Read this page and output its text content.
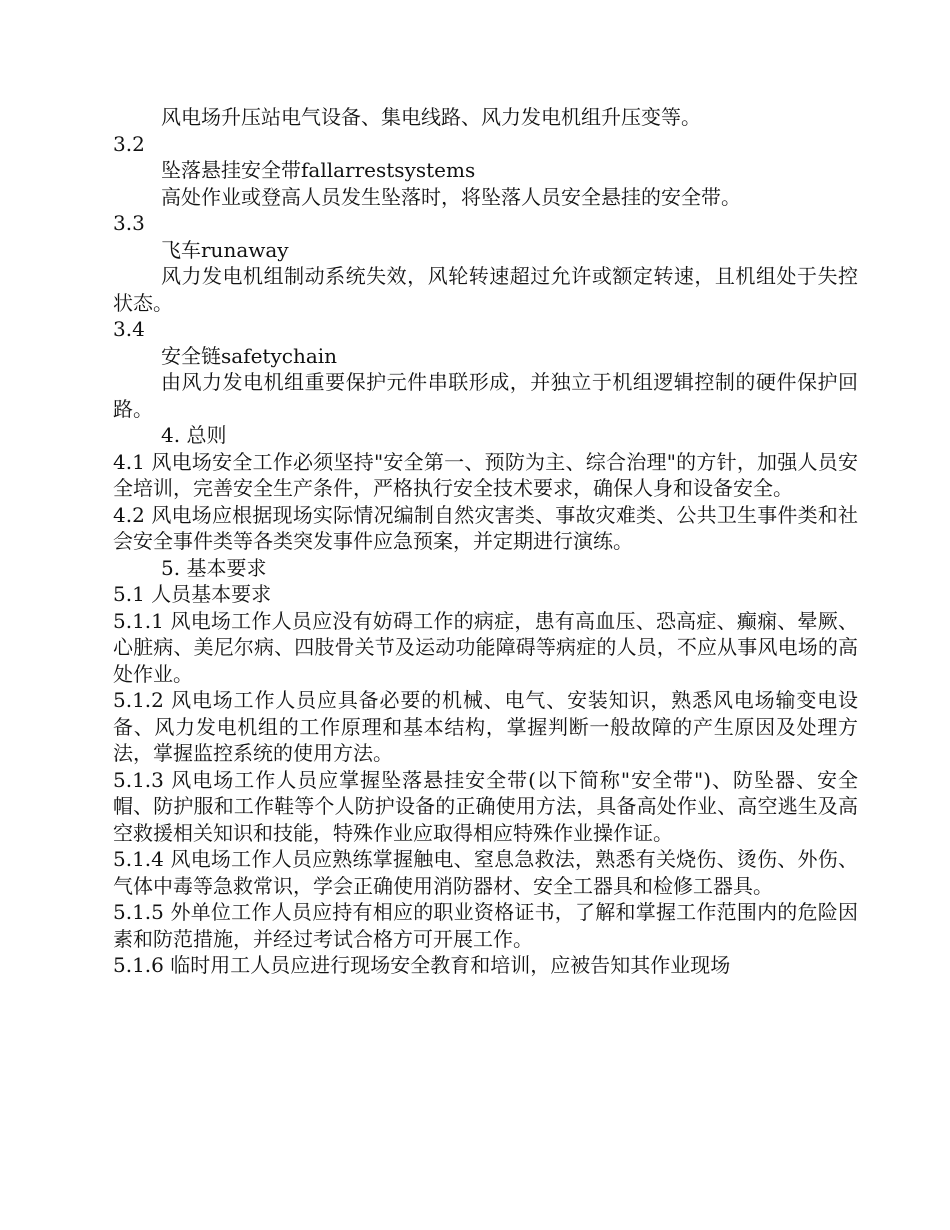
风电场升压站电气设备、集电线路、风力发电机组升压变等。

3.2

坠落悬挂安全带fallarrestsystems

高处作业或登高人员发生坠落时，将坠落人员安全悬挂的安全带。

3.3

飞车runaway

风力发电机组制动系统失效，风轮转速超过允许或额定转速，且机组处于失控状态。

3.4

安全链safetychain

由风力发电机组重要保护元件串联形成，并独立于机组逻辑控制的硬件保护回路。

4. 总则

4.1 风电场安全工作必须坚持"安全第一、预防为主、综合治理"的方针，加强人员安全培训，完善安全生产条件，严格执行安全技术要求，确保人身和设备安全。

4.2 风电场应根据现场实际情况编制自然灾害类、事故灾难类、公共卫生事件类和社会安全事件类等各类突发事件应急预案，并定期进行演练。

5. 基本要求

5.1 人员基本要求

5.1.1 风电场工作人员应没有妨碍工作的病症，患有高血压、恐高症、癫痫、晕厥、心脏病、美尼尔病、四肢骨关节及运动功能障碍等病症的人员，不应从事风电场的高处作业。

5.1.2 风电场工作人员应具备必要的机械、电气、安装知识，熟悉风电场输变电设备、风力发电机组的工作原理和基本结构，掌握判断一般故障的产生原因及处理方法，掌握监控系统的使用方法。

5.1.3 风电场工作人员应掌握坠落悬挂安全带(以下简称"安全带")、防坠器、安全帽、防护服和工作鞋等个人防护设备的正确使用方法，具备高处作业、高空逃生及高空救援相关知识和技能，特殊作业应取得相应特殊作业操作证。

5.1.4 风电场工作人员应熟练掌握触电、窒息急救法，熟悉有关烧伤、烫伤、外伤、气体中毒等急救常识，学会正确使用消防器材、安全工器具和检修工器具。

5.1.5 外单位工作人员应持有相应的职业资格证书，了解和掌握工作范围内的危险因素和防范措施，并经过考试合格方可开展工作。

5.1.6 临时用工人员应进行现场安全教育和培训，应被告知其作业现场
